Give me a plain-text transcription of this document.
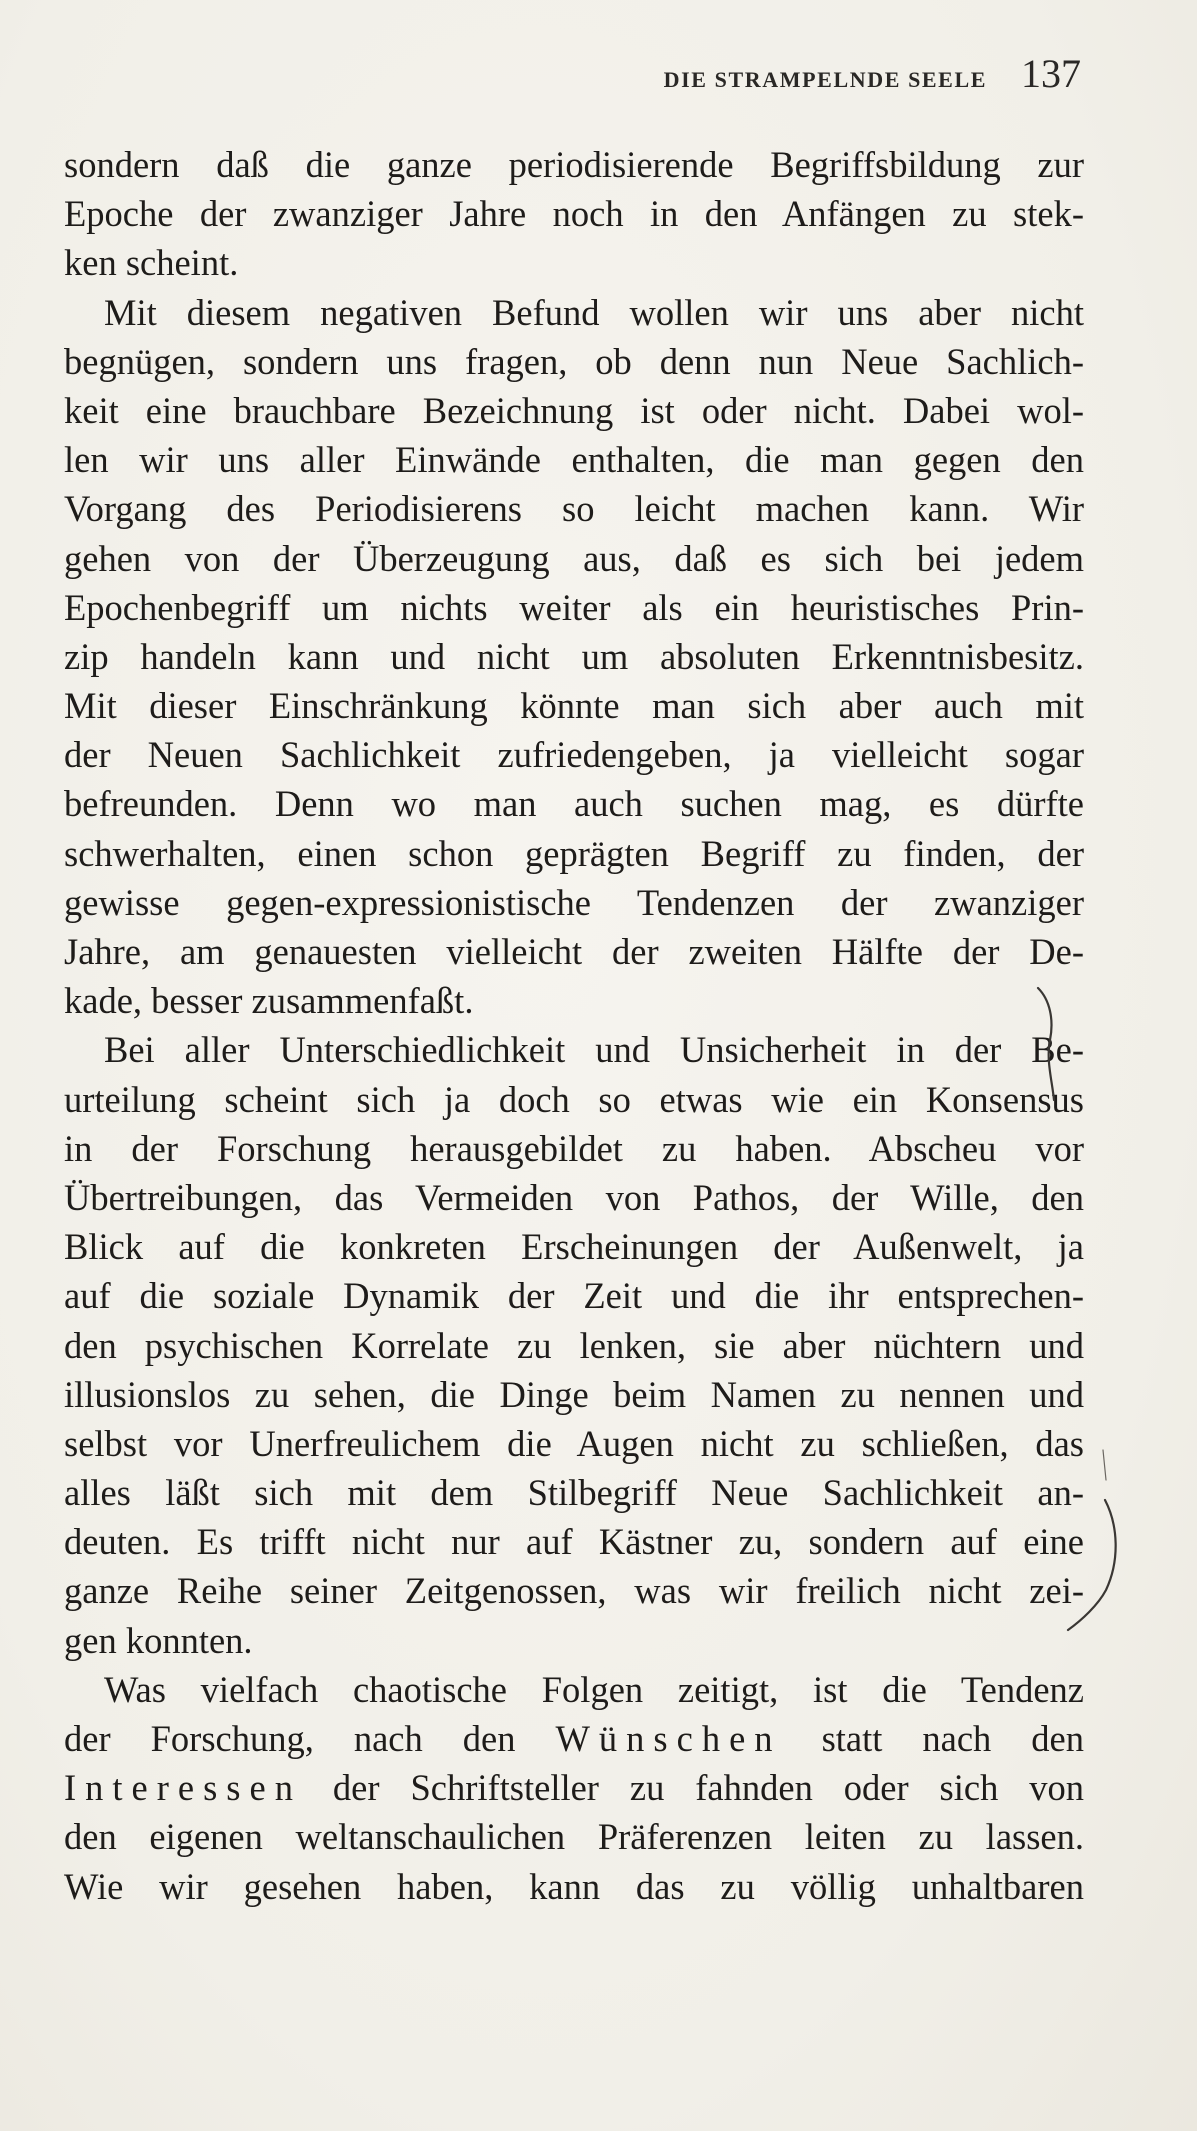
DIE STRAMPELNDE SEELE 137
sondern daß die ganze periodisierende Begriffsbildung zur
Epoche der zwanziger Jahre noch in den Anfängen zu stek-
ken scheint.
Mit diesem negativen Befund wollen wir uns aber nicht
begnügen, sondern uns fragen, ob denn nun Neue Sachlich-
keit eine brauchbare Bezeichnung ist oder nicht. Dabei wol-
len wir uns aller Einwände enthalten, die man gegen den
Vorgang des Periodisierens so leicht machen kann. Wir
gehen von der Überzeugung aus, daß es sich bei jedem
Epochenbegriff um nichts weiter als ein heuristisches Prin-
zip handeln kann und nicht um absoluten Erkenntnisbesitz.
Mit dieser Einschränkung könnte man sich aber auch mit
der Neuen Sachlichkeit zufriedengeben, ja vielleicht sogar
befreunden. Denn wo man auch suchen mag, es dürfte
schwerhalten, einen schon geprägten Begriff zu finden, der
gewisse gegen-expressionistische Tendenzen der zwanziger
Jahre, am genauesten vielleicht der zweiten Hälfte der De-
kade, besser zusammenfaßt.
Bei aller Unterschiedlichkeit und Unsicherheit in der Be-
urteilung scheint sich ja doch so etwas wie ein Konsensus
in der Forschung herausgebildet zu haben. Abscheu vor
Übertreibungen, das Vermeiden von Pathos, der Wille, den
Blick auf die konkreten Erscheinungen der Außenwelt, ja
auf die soziale Dynamik der Zeit und die ihr entsprechen-
den psychischen Korrelate zu lenken, sie aber nüchtern und
illusionslos zu sehen, die Dinge beim Namen zu nennen und
selbst vor Unerfreulichem die Augen nicht zu schließen, das
alles läßt sich mit dem Stilbegriff Neue Sachlichkeit an-
deuten. Es trifft nicht nur auf Kästner zu, sondern auf eine
ganze Reihe seiner Zeitgenossen, was wir freilich nicht zei-
gen konnten.
Was vielfach chaotische Folgen zeitigt, ist die Tendenz
der Forschung, nach den Wünschen statt nach den
Interessen der Schriftsteller zu fahnden oder sich von
den eigenen weltanschaulichen Präferenzen leiten zu lassen.
Wie wir gesehen haben, kann das zu völlig unhaltbaren
